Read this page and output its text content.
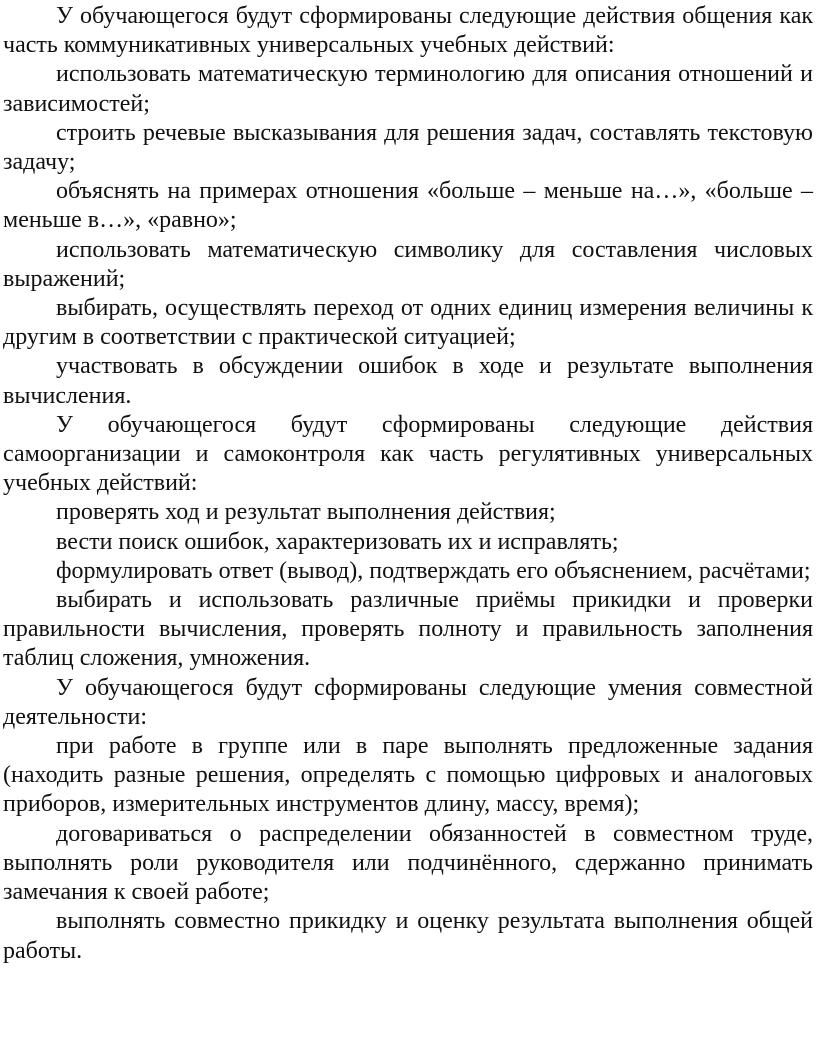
У обучающегося будут сформированы следующие действия общения как часть коммуникативных универсальных учебных действий:

использовать математическую терминологию для описания отношений и зависимостей;

строить речевые высказывания для решения задач, составлять текстовую задачу;

объяснять на примерах отношения «больше – меньше на…», «больше – меньше в…», «равно»;

использовать математическую символику для составления числовых выражений;

выбирать, осуществлять переход от одних единиц измерения величины к другим в соответствии с практической ситуацией;

участвовать в обсуждении ошибок в ходе и результате выполнения вычисления.

У обучающегося будут сформированы следующие действия самоорганизации и самоконтроля как часть регулятивных универсальных учебных действий:

проверять ход и результат выполнения действия;

вести поиск ошибок, характеризовать их и исправлять;

формулировать ответ (вывод), подтверждать его объяснением, расчётами;

выбирать и использовать различные приёмы прикидки и проверки правильности вычисления, проверять полноту и правильность заполнения таблиц сложения, умножения.

У обучающегося будут сформированы следующие умения совместной деятельности:

при работе в группе или в паре выполнять предложенные задания (находить разные решения, определять с помощью цифровых и аналоговых приборов, измерительных инструментов длину, массу, время);

договариваться о распределении обязанностей в совместном труде, выполнять роли руководителя или подчинённого, сдержанно принимать замечания к своей работе;

выполнять совместно прикидку и оценку результата выполнения общей работы.
